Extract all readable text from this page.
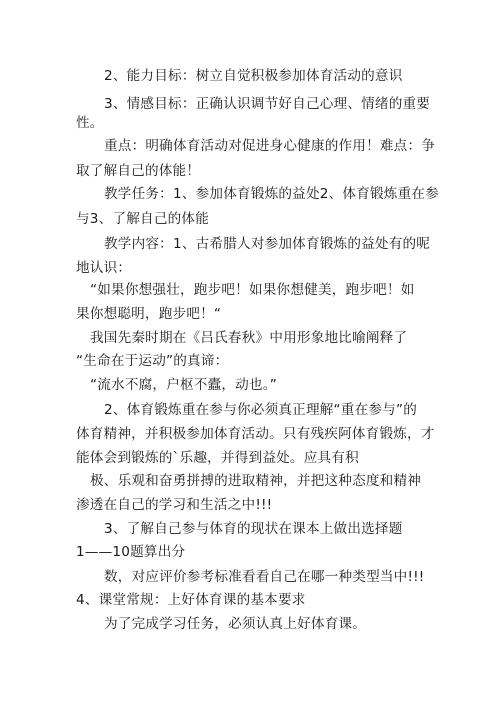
2、能力目标：树立自觉积极参加体育活动的意识
3、情感目标：正确认识调节好自己心理、情绪的重要
性。
重点：明确体育活动对促进身心健康的作用！难点：争
取了解自己的体能！
教学任务：1、参加体育锻炼的益处2、体育锻炼重在参
与3、了解自己的体能
教学内容：1、古希腊人对参加体育锻炼的益处有的呢
地认识：
“如果你想强壮，跑步吧！如果你想健美，跑步吧！如
果你想聪明，跑步吧！“
我国先秦时期在《吕氏春秋》中用形象地比喻阐释了
“生命在于运动”的真谛：
“流水不腐，户枢不蠹，动也。”
2、体育锻炼重在参与你必须真正理解“重在参与”的
体育精神，并积极参加体育活动。只有残疾阿体育锻炼，才
能体会到锻炼的`乐趣，并得到益处。应具有积
极、乐观和奋勇拼搏的进取精神，并把这种态度和精神
渗透在自己的学习和生活之中!!!
3、了解自己参与体育的现状在课本上做出选择题
1——10题算出分
数，对应评价参考标准看看自己在哪一种类型当中!!!
4、课堂常规：上好体育课的基本要求
为了完成学习任务，必须认真上好体育课。
